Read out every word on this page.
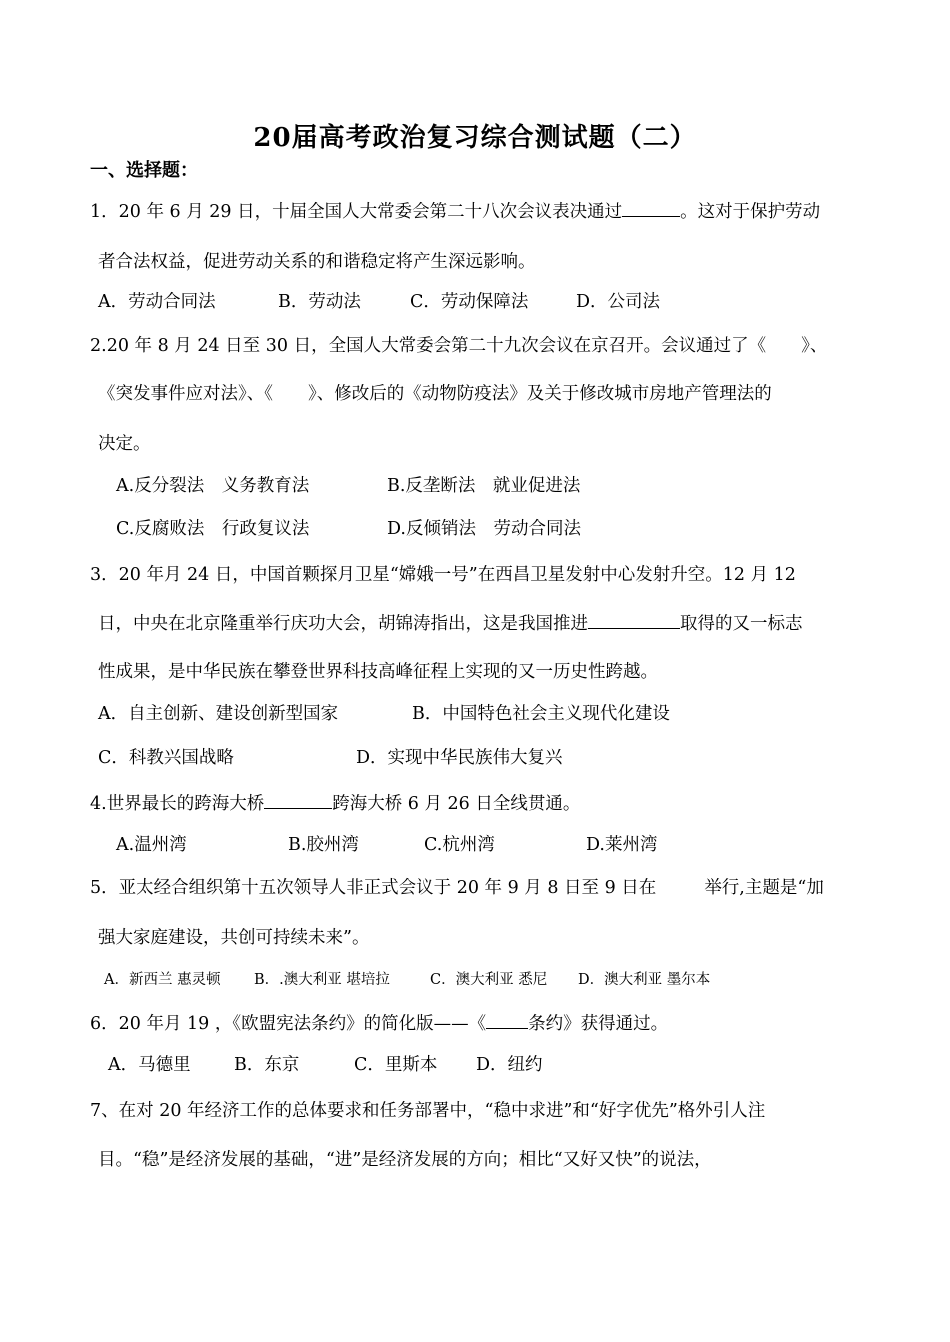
20届高考政治复习综合测试题（二）
一、选择题：
1．20 年 6 月 29 日，十届全国人大常委会第二十八次会议表决通过	。这对于保护劳动
者合法权益，促进劳动关系的和谐稳定将产生深远影响。
A．劳动合同法	B．劳动法	C．劳动保障法	D．公司法
2.20 年 8 月 24 日至 30 日，全国人大常委会第二十九次会议在京召开。会议通过了《　　》、
《突发事件应对法》、《　　》、修改后的《动物防疫法》及关于修改城市房地产管理法的
决定。
A.反分裂法　义务教育法	B.反垄断法　就业促进法
C.反腐败法　行政复议法	D.反倾销法　劳动合同法
3．20 年月 24 日，中国首颗探月卫星“嫦娥一号”在西昌卫星发射中心发射升空。12 月 12
日，中央在北京隆重举行庆功大会，胡锦涛指出，这是我国推进	取得的又一标志
性成果，是中华民族在攀登世界科技高峰征程上实现的又一历史性跨越。
A．自主创新、建设创新型国家	B．中国特色社会主义现代化建设
C．科教兴国战略	D．实现中华民族伟大复兴
4.世界最长的跨海大桥	跨海大桥 6 月 26 日全线贯通。
A.温州湾	B.胶州湾	C.杭州湾	D.莱州湾
5．亚太经合组织第十五次领导人非正式会议于 20 年 9 月 8 日至 9 日在	举行,主题是“加
强大家庭建设，共创可持续未来”。
A．新西兰 惠灵顿 B．.澳大利亚 堪培拉	C．澳大利亚 悉尼 D．澳大利亚 墨尔本
6．20 年月 19 ，《欧盟宪法条约》的简化版——《 条约》获得通过。
A．马德里 B．东京	C．里斯本 D．纽约
7、在对 20 年经济工作的总体要求和任务部署中，“稳中求进”和“好字优先”格外引人注
目。“稳”是经济发展的基础，“进”是经济发展的方向；相比“又好又快”的说法，
